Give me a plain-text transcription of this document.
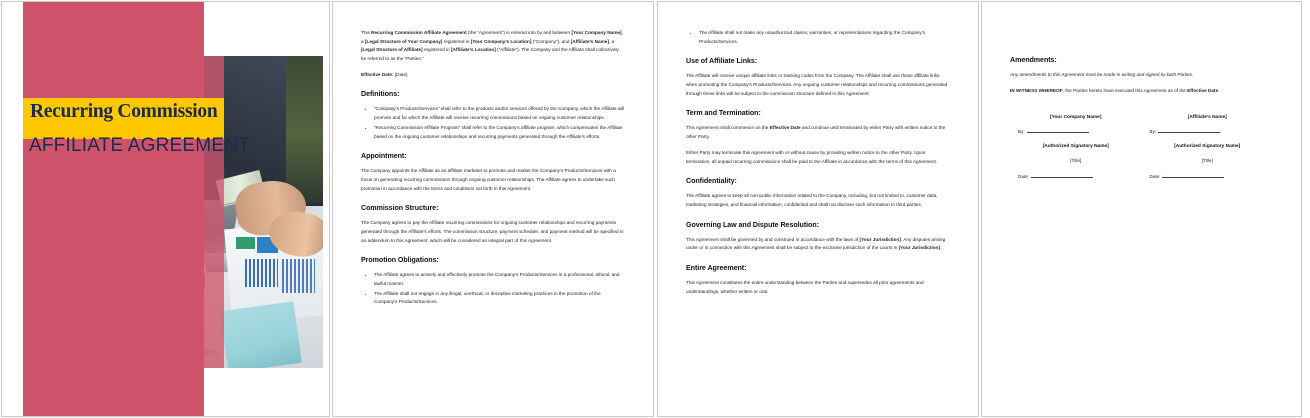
Recurring Commission
AFFILIATE AGREEMENT

This Recurring Commission Affiliate Agreement (the “Agreement”) is entered into by and between [Your Company Name], a [Legal Structure of Your Company] registered in [Your Company’s Location] (“Company”), and [Affiliate’s Name], a [Legal Structure of Affiliate] registered in [Affiliate’s Location] (“Affiliate”). The Company and the Affiliate shall collectively be referred to as the “Parties.”

Effective Date: [Date]

Definitions:
• “Company’s Products/Services” shall refer to the products and/or services offered by the Company, which the Affiliate will promote and for which the Affiliate will receive recurring commissions based on ongoing customer relationships.
• “Recurring Commission Affiliate Program” shall refer to the Company’s affiliate program, which compensates the Affiliate based on the ongoing customer relationships and recurring payments generated through the Affiliate’s efforts.
Appointment:

The Company appoints the Affiliate as an affiliate marketer to promote and market the Company’s Products/Services with a focus on generating recurring commissions through ongoing customer relationships. The Affiliate agrees to undertake such promotion in accordance with the terms and conditions set forth in this Agreement.

Commission Structure:

The Company agrees to pay the Affiliate recurring commissions for ongoing customer relationships and recurring payments generated through the Affiliate’s efforts. The commission structure, payment schedule, and payment method will be specified in an addendum to this Agreement, which will be considered an integral part of this Agreement.

Promotion Obligations:
• The Affiliate agrees to actively and effectively promote the Company’s Products/Services in a professional, ethical, and lawful manner.
• The Affiliate shall not engage in any illegal, unethical, or deceptive marketing practices in the promotion of the Company’s Products/Services.
• The Affiliate shall not make any unauthorized claims, warranties, or representations regarding the Company’s Products/Services.
Use of Affiliate Links:

The Affiliate will receive unique affiliate links or tracking codes from the Company. The Affiliate shall use these affiliate links when promoting the Company’s Products/Services. Any ongoing customer relationships and recurring commissions generated through these links will be subject to the commission structure defined in this Agreement.

Term and Termination:

This Agreement shall commence on the Effective Date and continue until terminated by either Party with written notice to the other Party.

Either Party may terminate this Agreement with or without cause by providing written notice to the other Party. Upon termination, all unpaid recurring commissions shall be paid to the Affiliate in accordance with the terms of this Agreement.

Confidentiality:

The Affiliate agrees to keep all non-public information related to the Company, including, but not limited to, customer data, marketing strategies, and financial information, confidential and shall not disclose such information to third parties.

Governing Law and Dispute Resolution:

This Agreement shall be governed by and construed in accordance with the laws of [Your Jurisdiction]. Any disputes arising under or in connection with this Agreement shall be subject to the exclusive jurisdiction of the courts in [Your Jurisdiction].

Entire Agreement:

This Agreement constitutes the entire understanding between the Parties and supersedes all prior agreements and understandings, whether written or oral.

Amendments:

Any amendments to this Agreement must be made in writing and signed by both Parties.

IN WITNESS WHEREOF, the Parties hereto have executed this Agreement as of the Effective Date.

[Your Company Name]
By:
[Authorized Signatory Name]
[Title]
Date:
[Affiliate’s Name]
By:
[Authorized Signatory Name]
[Title]
Date:
